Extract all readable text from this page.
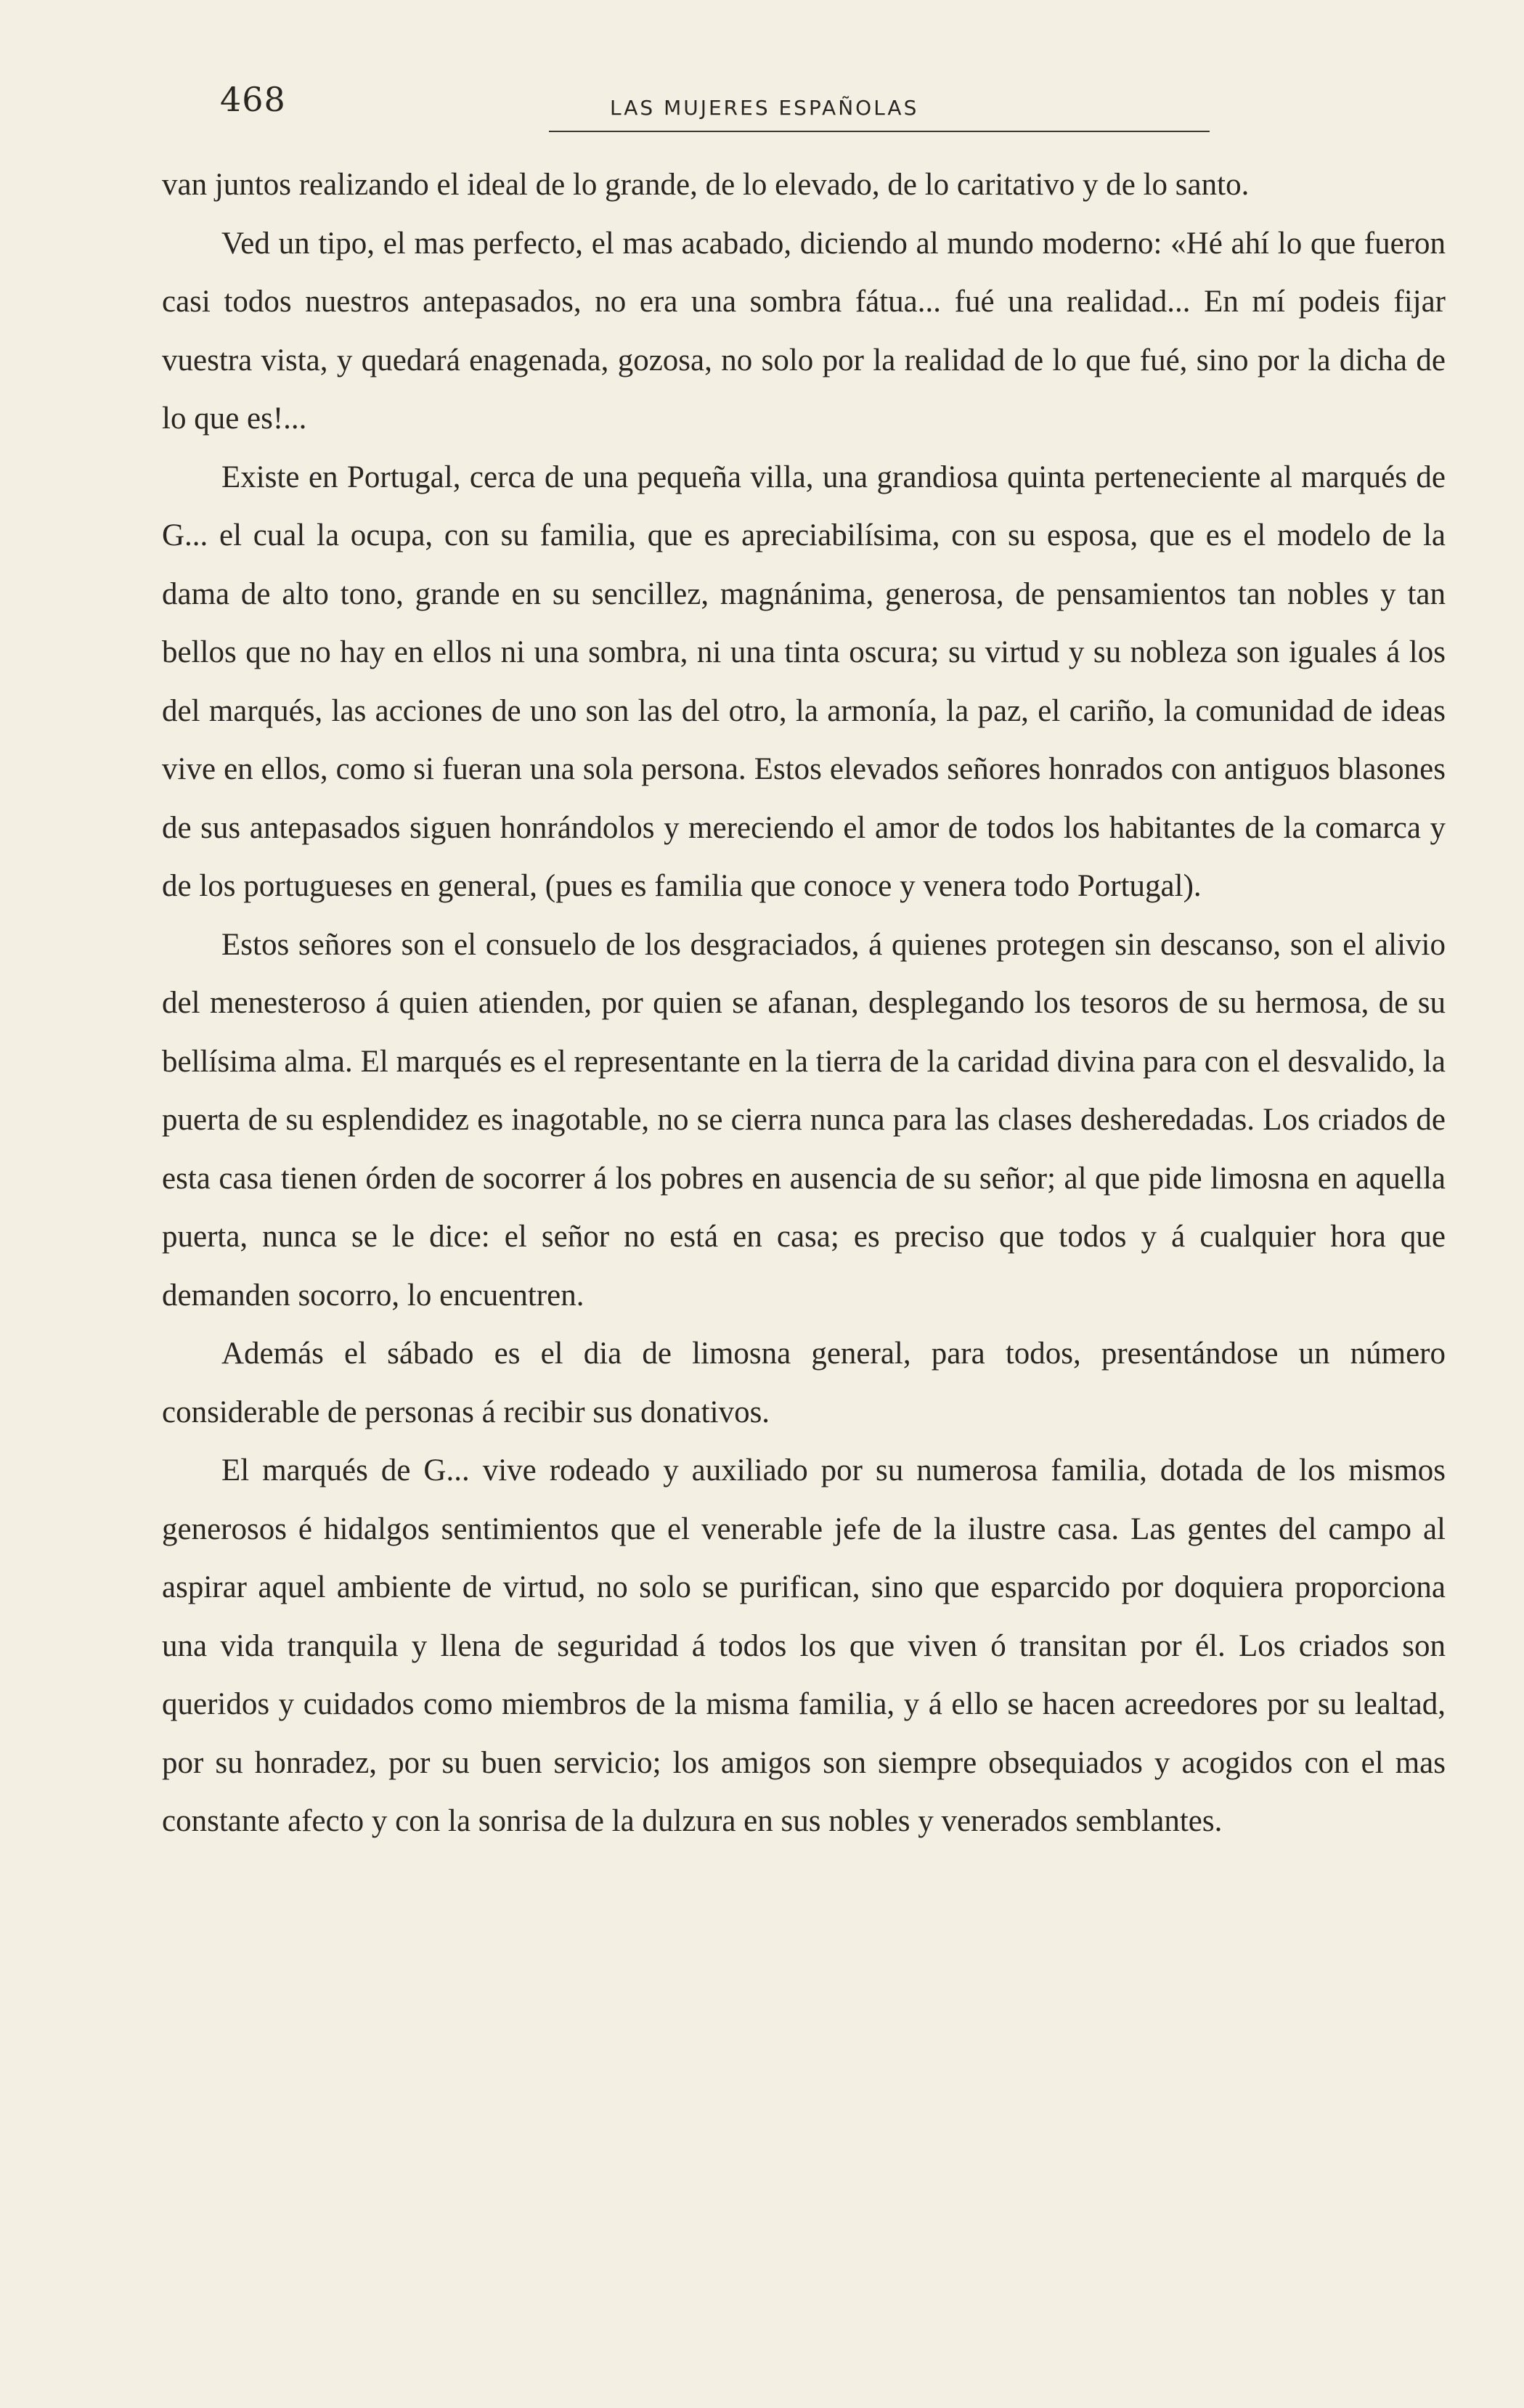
468	LAS MUJERES ESPAÑOLAS

van juntos realizando el ideal de lo grande, de lo elevado, de lo caritativo y de lo santo.

Ved un tipo, el mas perfecto, el mas acabado, diciendo al mundo moderno: «Hé ahí lo que fueron casi todos nuestros antepasados, no era una sombra fátua... fué una realidad... En mí podeis fijar vuestra vista, y quedará enagenada, gozosa, no solo por la realidad de lo que fué, sino por la dicha de lo que es!...

Existe en Portugal, cerca de una pequeña villa, una grandiosa quinta perteneciente al marqués de G... el cual la ocupa, con su familia, que es apreciabilísima, con su esposa, que es el modelo de la dama de alto tono, grande en su sencillez, magnánima, generosa, de pensamientos tan nobles y tan bellos que no hay en ellos ni una sombra, ni una tinta oscura; su virtud y su nobleza son iguales á los del marqués, las acciones de uno son las del otro, la armonía, la paz, el cariño, la comunidad de ideas vive en ellos, como si fueran una sola persona. Estos elevados señores honrados con antiguos blasones de sus antepasados siguen honrándolos y mereciendo el amor de todos los habitantes de la comarca y de los portugueses en general, (pues es familia que conoce y venera todo Portugal).

Estos señores son el consuelo de los desgraciados, á quienes protegen sin descanso, son el alivio del menesteroso á quien atienden, por quien se afanan, desplegando los tesoros de su hermosa, de su bellísima alma. El marqués es el representante en la tierra de la caridad divina para con el desvalido, la puerta de su esplendidez es inagotable, no se cierra nunca para las clases desheredadas. Los criados de esta casa tienen órden de socorrer á los pobres en ausencia de su señor; al que pide limosna en aquella puerta, nunca se le dice: el señor no está en casa; es preciso que todos y á cualquier hora que demanden socorro, lo encuentren.

Además el sábado es el dia de limosna general, para todos, presentándose un número considerable de personas á recibir sus donativos.

El marqués de G... vive rodeado y auxiliado por su numerosa familia, dotada de los mismos generosos é hidalgos sentimientos que el venerable jefe de la ilustre casa. Las gentes del campo al aspirar aquel ambiente de virtud, no solo se purifican, sino que esparcido por doquiera proporciona una vida tranquila y llena de seguridad á todos los que viven ó transitan por él. Los criados son queridos y cuidados como miembros de la misma familia, y á ello se hacen acreedores por su lealtad, por su honradez, por su buen servicio; los amigos son siempre obsequiados y acogidos con el mas constante afecto y con la sonrisa de la dulzura en sus nobles y venerados semblantes.
